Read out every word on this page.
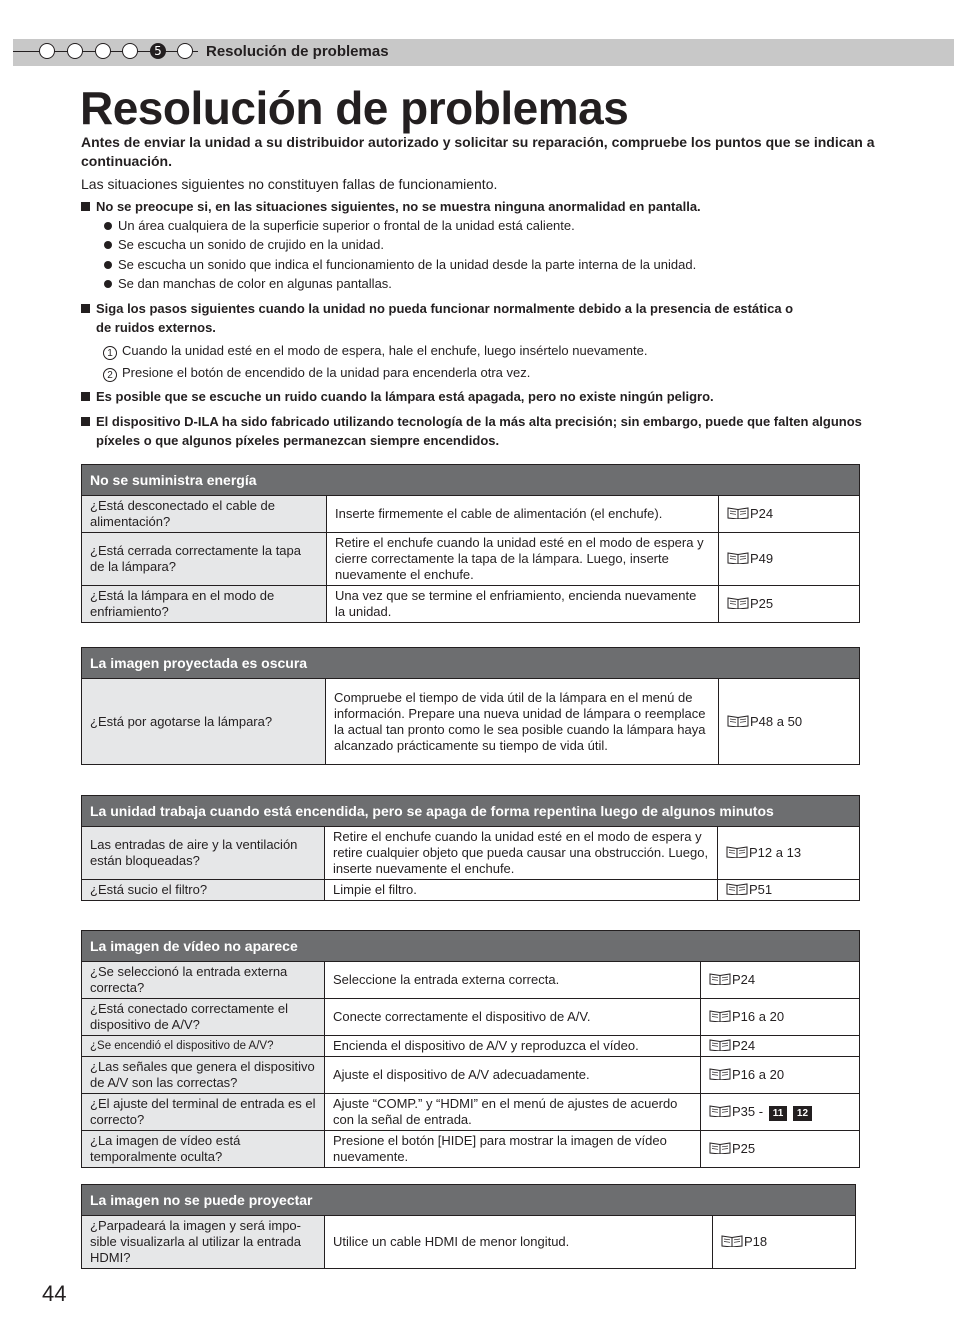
5	Resolución de problemas
Resolución de problemas
Antes de enviar la unidad a su distribuidor autorizado y solicitar su reparación, compruebe los puntos que se indican a continuación.
Las situaciones siguientes no constituyen fallas de funcionamiento.
No se preocupe si, en las situaciones siguientes, no se muestra ninguna anormalidad en pantalla.
Un área cualquiera de la superficie superior o frontal de la unidad está caliente.
Se escucha un sonido de crujido en la unidad.
Se escucha un sonido que indica el funcionamiento de la unidad desde la parte interna de la unidad.
Se dan manchas de color en algunas pantallas.
Siga los pasos siguientes cuando la unidad no pueda funcionar normalmente debido a la presencia de estática o de ruidos externos.
1 Cuando la unidad esté en el modo de espera, hale el enchufe, luego insértelo nuevamente.
2 Presione el botón de encendido de la unidad para encenderla otra vez.
Es posible que se escuche un ruido cuando la lámpara está apagada, pero no existe ningún peligro.
El dispositivo D-ILA ha sido fabricado utilizando tecnología de la más alta precisión; sin embargo, puede que falten algunos píxeles o que algunos píxeles permanezcan siempre encendidos.
No se suministra energía		
¿Está desconectado el cable de alimentación?	Inserte firmemente el cable de alimentación (el enchufe).	P24
¿Está cerrada correctamente la tapa de la lámpara?	Retire el enchufe cuando la unidad esté en el modo de espera y cierre correctamente la tapa de la lámpara. Luego, inserte nuevamente el enchufe.	P49
¿Está la lámpara en el modo de enfriamiento?	Una vez que se termine el enfriamiento, encienda nuevamente la unidad.	P25
La imagen proyectada es oscura
¿Está por agotarse la lámpara?	Compruebe el tiempo de vida útil de la lámpara en el menú de información. Prepare una nueva unidad de lámpara o reemplace la actual tan pronto como le sea posible cuando la lámpara haya alcanzado prácticamente su tiempo de vida útil.	P48 a 50
La unidad trabaja cuando está encendida, pero se apaga de forma repentina luego de algunos minutos		
Las entradas de aire y la ventilación están bloqueadas?	Retire el enchufe cuando la unidad esté en el modo de espera y retire cualquier objeto que pueda causar una obstrucción. Luego, inserte nuevamente el enchufe.	P12 a 13
¿Está sucio el filtro?	Limpie el filtro.	P51
La imagen de vídeo no aparece		
¿Se seleccionó la entrada externa correcta?	Seleccione la entrada externa correcta.	P24
¿Está conectado correctamente el dispositivo de A/V?	Conecte correctamente el dispositivo de A/V.	P16 a 20
¿Se encendió el dispositivo de A/V?	Encienda el dispositivo de A/V y reproduzca el vídeo.	P24
¿Las señales que genera el dispositivo de A/V son las correctas?	Ajuste el dispositivo de A/V adecuadamente.	P16 a 20
¿El ajuste del terminal de entrada es el correcto?	Ajuste “COMP.” y “HDMI” en el menú de ajustes de acuerdo con la señal de entrada.	P35 - 11 12
¿La imagen de vídeo está temporalmente oculta?	Presione el botón [HIDE] para mostrar la imagen de vídeo nuevamente.	P25
La imagen no se puede proyectar
¿Parpadeará la imagen y será impo-sible visualizarla al utilizar la entrada HDMI?	Utilice un cable HDMI de menor longitud.	P18
44
